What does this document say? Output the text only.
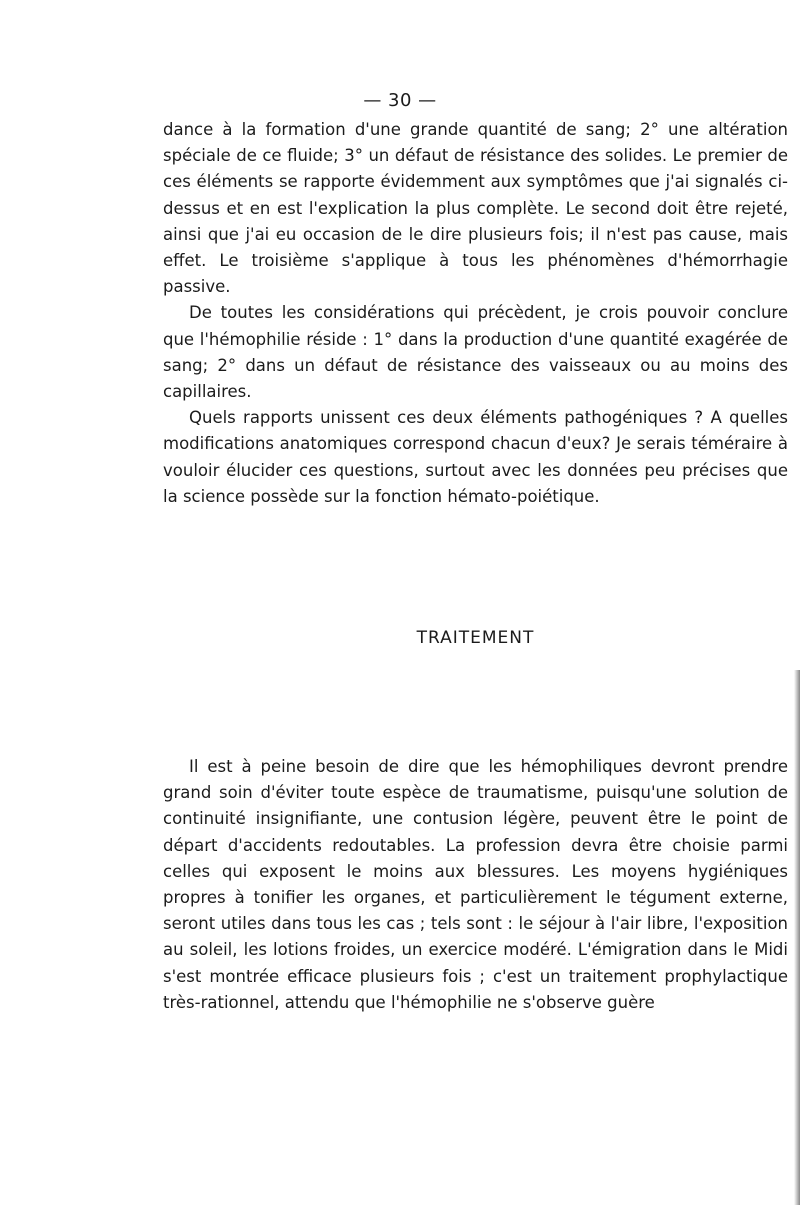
— 30 —

dance à la formation d'une grande quantité de sang; 2° une altération spéciale de ce fluide; 3° un défaut de résistance des solides. Le premier de ces éléments se rapporte évidemment aux symptômes que j'ai signalés ci-dessus et en est l'explication la plus complète. Le second doit être rejeté, ainsi que j'ai eu occasion de le dire plusieurs fois; il n'est pas cause, mais effet. Le troisième s'applique à tous les phénomènes d'hémorrhagie passive.

De toutes les considérations qui précèdent, je crois pouvoir conclure que l'hémophilie réside : 1° dans la production d'une quantité exagérée de sang; 2° dans un défaut de résistance des vaisseaux ou au moins des capillaires.

Quels rapports unissent ces deux éléments pathogéniques ? A quelles modifications anatomiques correspond chacun d'eux? Je serais téméraire à vouloir élucider ces questions, surtout avec les données peu précises que la science possède sur la fonction hémato-poiétique.

TRAITEMENT

Il est à peine besoin de dire que les hémophiliques devront prendre grand soin d'éviter toute espèce de traumatisme, puisqu'une solution de continuité insignifiante, une contusion légère, peuvent être le point de départ d'accidents redoutables. La profession devra être choisie parmi celles qui exposent le moins aux blessures. Les moyens hygiéniques propres à tonifier les organes, et particulièrement le tégument externe, seront utiles dans tous les cas ; tels sont : le séjour à l'air libre, l'exposition au soleil, les lotions froides, un exercice modéré. L'émigration dans le Midi s'est montrée efficace plusieurs fois ; c'est un traitement prophylactique très-rationnel, attendu que l'hémophilie ne s'observe guère
